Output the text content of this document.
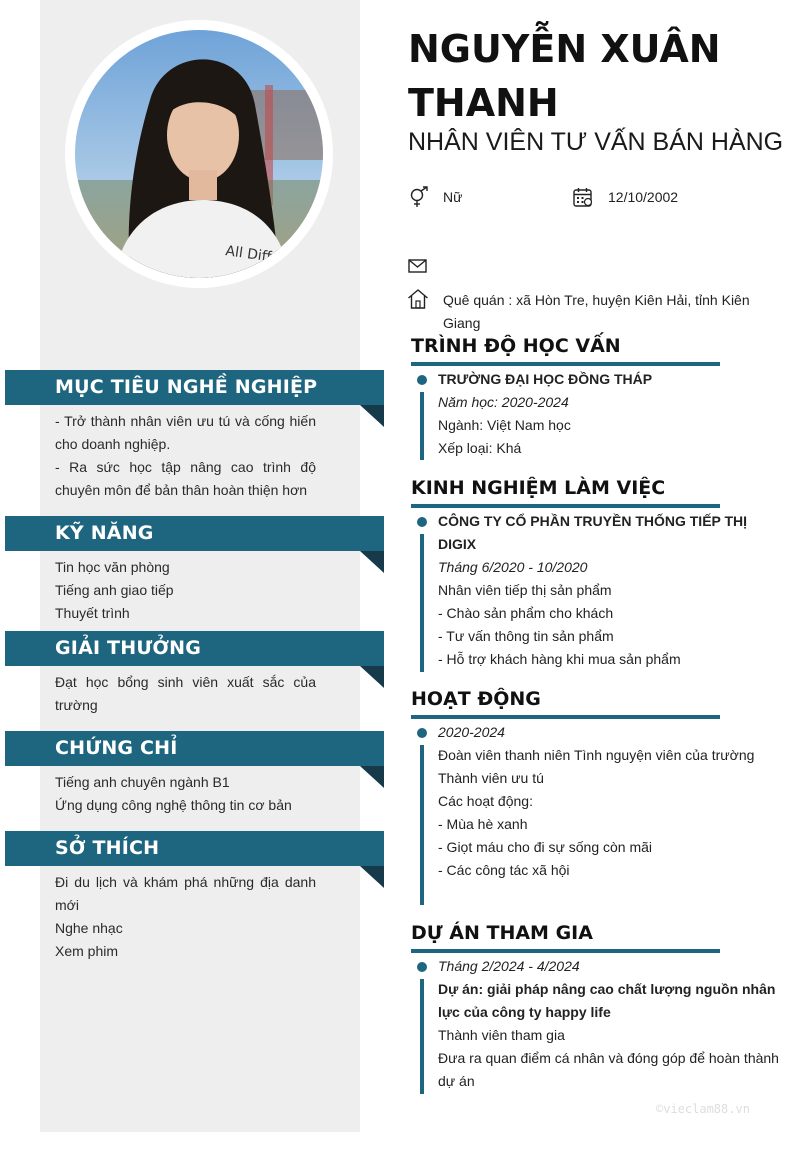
All Diffe
NGUYỄN XUÂN THANH
NHÂN VIÊN TƯ VẤN BÁN HÀNG
Nữ	12/10/2002
Quê quán : xã Hòn Tre, huyện Kiên Hải, tỉnh Kiên Giang
MỤC TIÊU NGHỀ NGHIỆP

- Trở thành nhân viên ưu tú và cống hiến cho doanh nghiệp.

- Ra sức học tập nâng cao trình độ chuyên môn để bản thân hoàn thiện hơn

KỸ NĂNG

Tin học văn phòng

Tiếng anh giao tiếp

Thuyết trình

GIẢI THƯỞNG

Đạt học bổng sinh viên xuất sắc của trường

CHỨNG CHỈ

Tiếng anh chuyên ngành B1

Ứng dụng công nghệ thông tin cơ bản

SỞ THÍCH

Đi du lịch và khám phá những địa danh mới

Nghe nhạc

Xem phim

TRÌNH ĐỘ HỌC VẤN
TRƯỜNG ĐẠI HỌC ĐỒNG THÁP
Năm học: 2020-2024
Ngành: Việt Nam học
Xếp loại: Khá
KINH NGHIỆM LÀM VIỆC
CÔNG TY CỔ PHẦN TRUYỀN THỐNG TIẾP THỊ DIGIX
Tháng 6/2020 - 10/2020
Nhân viên tiếp thị sản phẩm
- Chào sản phẩm cho khách
- Tư vấn thông tin sản phẩm
- Hỗ trợ khách hàng khi mua sản phẩm
HOẠT ĐỘNG
2020-2024
Đoàn viên thanh niên Tình nguyện viên của trường
Thành viên ưu tú
Các hoạt động:
- Mùa hè xanh
- Giọt máu cho đi sự sống còn mãi
- Các công tác xã hội
DỰ ÁN THAM GIA
Tháng 2/2024 - 4/2024
Dự án: giải pháp nâng cao chất lượng nguồn nhân lực của công ty happy life
Thành viên tham gia
Đưa ra quan điểm cá nhân và đóng góp để hoàn thành dự án
©vieclam88.vn
